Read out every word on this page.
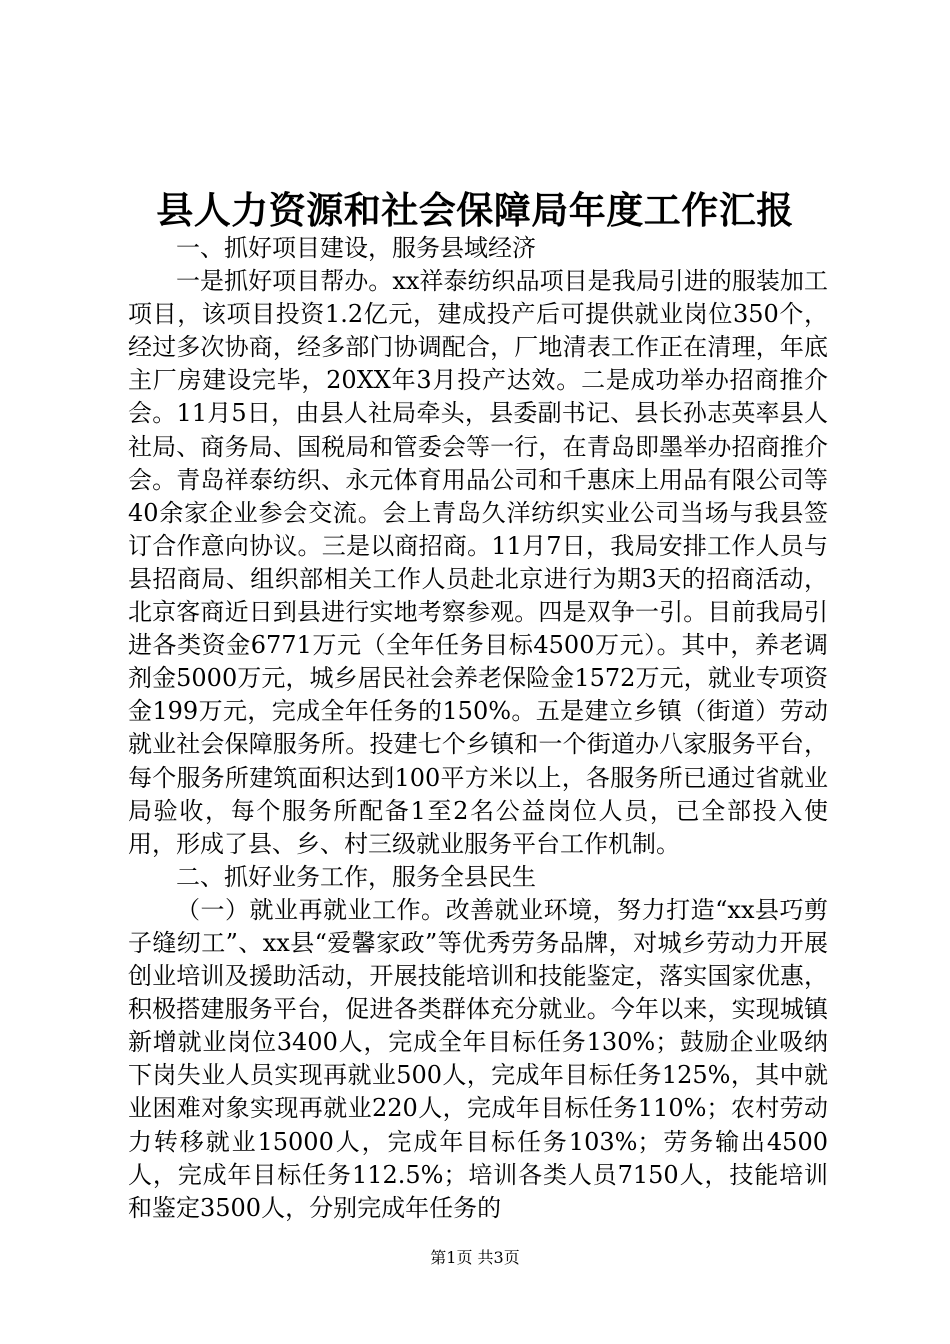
县人力资源和社会保障局年度工作汇报

一、抓好项目建设，服务县域经济

一是抓好项目帮办。xx祥泰纺织品项目是我局引进的服装加工项目，该项目投资1.2亿元，建成投产后可提供就业岗位350个，经过多次协商，经多部门协调配合，厂地清表工作正在清理，年底主厂房建设完毕，20XX年3月投产达效。二是成功举办招商推介会。11月5日，由县人社局牵头，县委副书记、县长孙志英率县人社局、商务局、国税局和管委会等一行，在青岛即墨举办招商推介会。青岛祥泰纺织、永元体育用品公司和千惠床上用品有限公司等40余家企业参会交流。会上青岛久洋纺织实业公司当场与我县签订合作意向协议。三是以商招商。11月7日，我局安排工作人员与县招商局、组织部相关工作人员赴北京进行为期3天的招商活动，北京客商近日到县进行实地考察参观。四是双争一引。目前我局引进各类资金6771万元（全年任务目标4500万元）。其中，养老调剂金5000万元，城乡居民社会养老保险金1572万元，就业专项资金199万元，完成全年任务的150%。五是建立乡镇（街道）劳动就业社会保障服务所。投建七个乡镇和一个街道办八家服务平台，每个服务所建筑面积达到100平方米以上，各服务所已通过省就业局验收，每个服务所配备1至2名公益岗位人员，已全部投入使用，形成了县、乡、村三级就业服务平台工作机制。

二、抓好业务工作，服务全县民生

（一）就业再就业工作。改善就业环境，努力打造“xx县巧剪子缝纫工”、xx县“爱馨家政”等优秀劳务品牌，对城乡劳动力开展创业培训及援助活动，开展技能培训和技能鉴定，落实国家优惠，积极搭建服务平台，促进各类群体充分就业。今年以来，实现城镇新增就业岗位3400人，完成全年目标任务130%；鼓励企业吸纳下岗失业人员实现再就业500人，完成年目标任务125%，其中就业困难对象实现再就业220人，完成年目标任务110%；农村劳动力转移就业15000人，完成年目标任务103%；劳务输出4500人，完成年目标任务112.5%；培训各类人员7150人，技能培训和鉴定3500人，分别完成年任务的

第1页 共3页
